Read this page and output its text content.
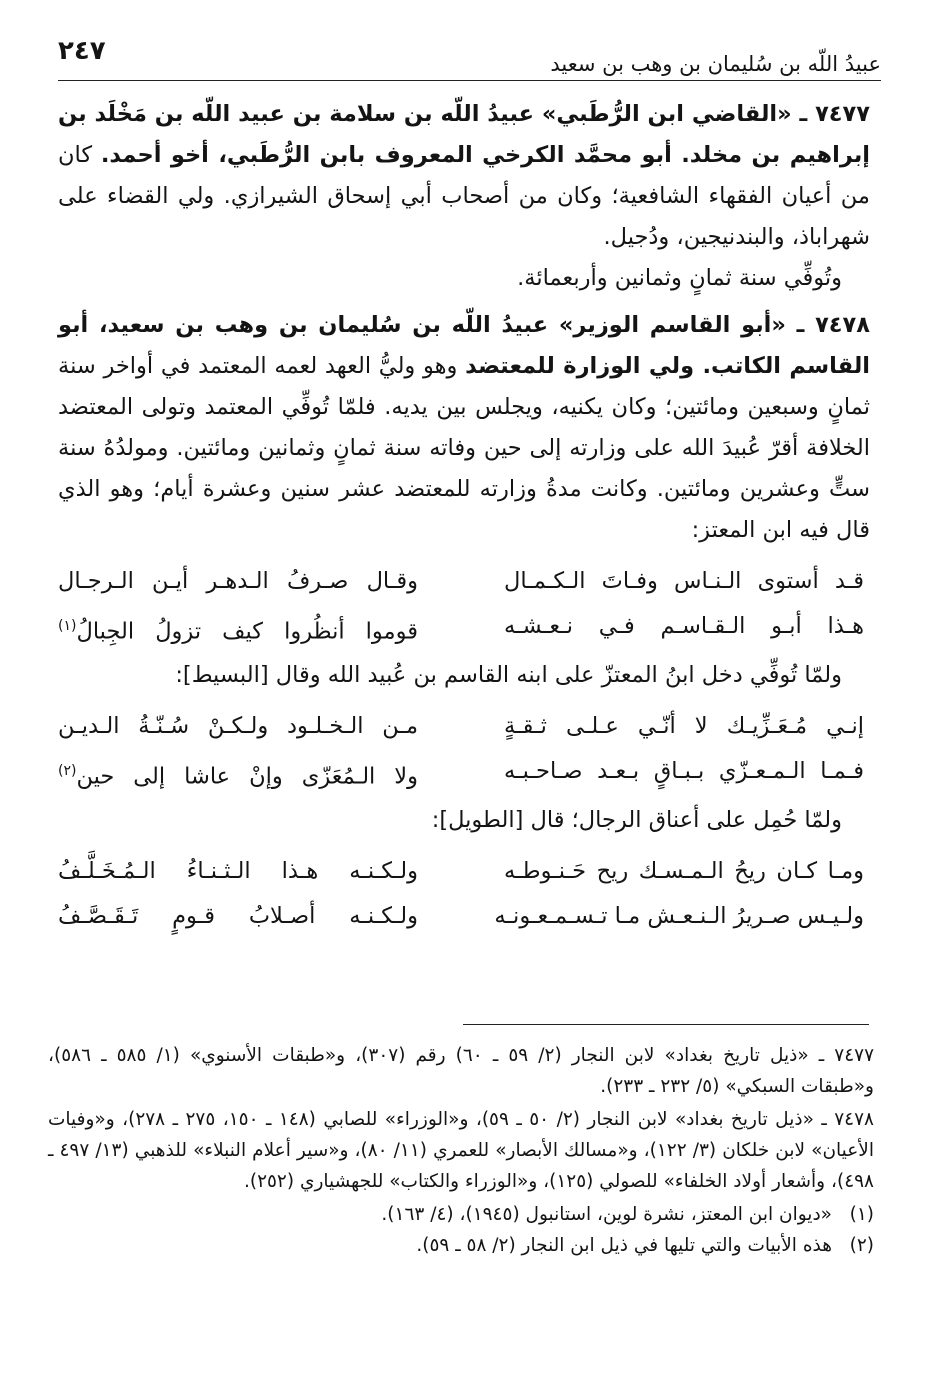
٢٤٧	عبيدُ اللّه بن سُليمان بن وهب بن سعيد

٧٤٧٧ ـ «القاضي ابن الرُّطَبي» عبيدُ اللّه بن سلامة بن عبيد اللّه بن مَخْلَد بن إبراهيم بن مخلد. أبو محمَّد الكرخي المعروف بابن الرُّطَبي، أخو أحمد. كان من أعيان الفقهاء الشافعية؛ وكان من أصحاب أبي إسحاق الشيرازي. ولي القضاء على شهراباذ، والبندنيجين، ودُجيل.

وتُوفِّي سنة ثمانٍ وثمانين وأربعمائة.

٧٤٧٨ ـ «أبو القاسم الوزير» عبيدُ اللّه بن سُليمان بن وهب بن سعيد، أبو القاسم الكاتب. ولي الوزارة للمعتضد وهو وليُّ العهد لعمه المعتمد في أواخر سنة ثمانٍ وسبعين ومائتين؛ وكان يكنيه، ويجلس بين يديه. فلمّا تُوفِّي المعتمد وتولى المعتضد الخلافة أقرّ عُبيدَ الله على وزارته إلى حين وفاته سنة ثمانٍ وثمانين ومائتين. ومولدُهُ سنة ستٍّ وعشرين ومائتين. وكانت مدةُ وزارته للمعتضد عشر سنين وعشرة أيام؛ وهو الذي قال فيه ابن المعتز:

قـد أستوى الـنـاس وفـاتَ الـكـمـال
وقـال صـرفُ الـدهـر أيـن الـرجـال
هـذا أبـو الـقـاسـم فـي نـعـشـه
قوموا أنظُروا كيف تزولُ الجِبالُ$^{(١)}$

ولمّا تُوفِّي دخل ابنُ المعتزّ على ابنه القاسم بن عُبيد الله وقال [البسيط]:

إنـي مُـعَـزِّيـك لا أنّـي عـلـى ثـقـةٍ
مـن الـخـلـود ولـكـنْ سُـنّـةُ الـديـن
فـمـا الـمـعـزّي بـبـاقٍ بـعـد صـاحـبـه
ولا الـمُعَزّى وإنْ عاشا إلى حين$^{(٢)}$

ولمّا حُمِل على أعناق الرجال؛ قال [الطويل]:

ومـا كـان ريحُ الـمـسـك ريح حَـنـوطـه
ولـكـنـه هـذا الـثـنـاءُ الـمُـخَـلَّـفُ
ولـيـس صـريرُ الـنـعـش مـا تـسـمـعـونـه
ولـكـنـه أصـلابُ قـومٍ تَـقَـصَّـفُ

٧٤٧٧ ـ «ذيل تاريخ بغداد» لابن النجار (٢/ ٥٩ ـ ٦٠) رقم (٣٠٧)، و«طبقات الأسنوي» (١/ ٥٨٥ ـ ٥٨٦)، و«طبقات السبكي» (٥/ ٢٣٢ ـ ٢٣٣).

٧٤٧٨ ـ «ذيل تاريخ بغداد» لابن النجار (٢/ ٥٠ ـ ٥٩)، و«الوزراء» للصابي (١٤٨ ـ ١٥٠، ٢٧٥ ـ ٢٧٨)، و«وفيات الأعيان» لابن خلكان (٣/ ١٢٢)، و«مسالك الأبصار» للعمري (١١/ ٨٠)، و«سير أعلام النبلاء» للذهبي (١٣/ ٤٩٧ ـ ٤٩٨)، وأشعار أولاد الخلفاء» للصولي (١٢٥)، و«الوزراء والكتاب» للجهشياري (٢٥٢).

(١)
«ديوان ابن المعتز، نشرة لوين، استانبول (١٩٤٥)، (٤/ ١٦٣).
(٢)
هذه الأبيات والتي تليها في ذيل ابن النجار (٢/ ٥٨ ـ ٥٩).
